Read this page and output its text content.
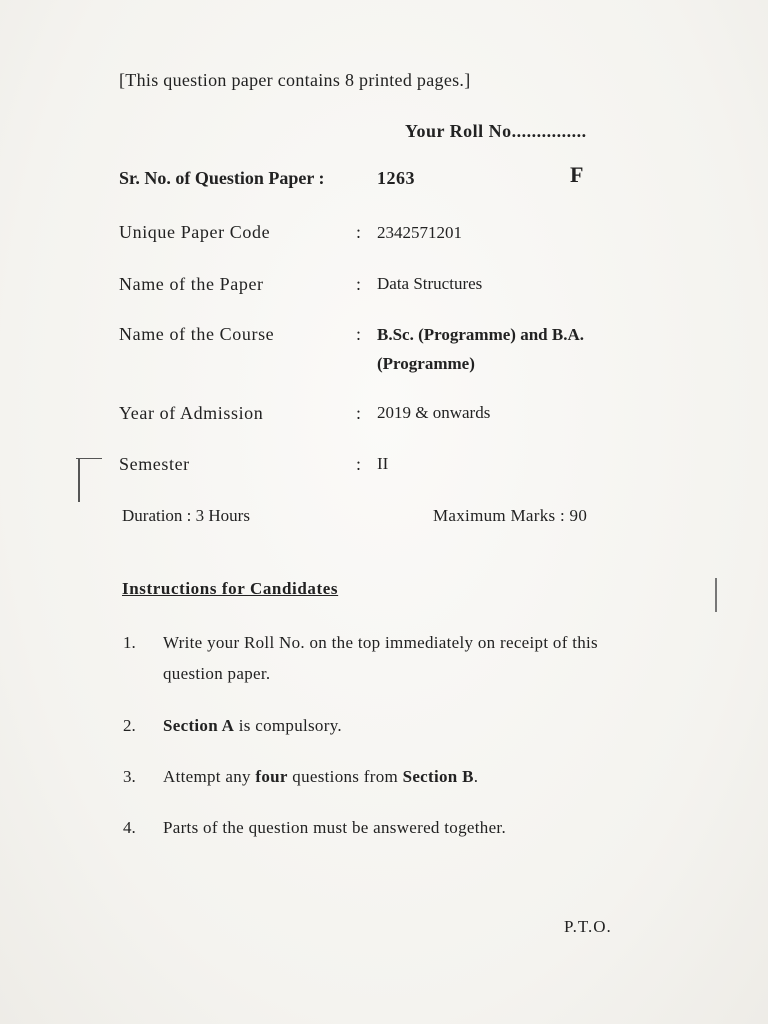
[This question paper contains 8 printed pages.]
Your Roll No...............
Sr. No. of Question Paper :	1263	F
Unique Paper Code	: 2342571201
Name of the Paper	: Data Structures
Name of the Course	: B.Sc. (Programme) and B.A. (Programme)
Year of Admission	: 2019 & onwards
Semester	: II
Duration : 3 Hours	Maximum Marks : 90
Instructions for Candidates
1. Write your Roll No. on the top immediately on receipt of this question paper.
2. Section A is compulsory.
3. Attempt any four questions from Section B.
4. Parts of the question must be answered together.
P.T.O.
